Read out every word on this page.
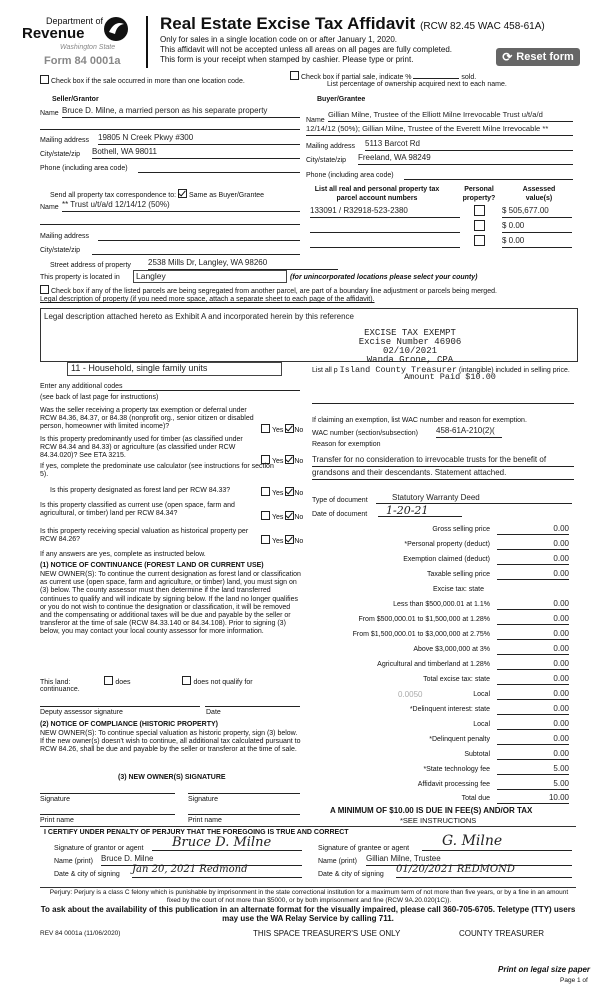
Department of
Revenue
Washington State
Form 84 0001a
Real Estate Excise Tax Affidavit (RCW 82.45 WAC 458-61A)
Only for sales in a single location code on or after January 1, 2020.
This affidavit will not be accepted unless all areas on all pages are fully completed.
This form is your receipt when stamped by cashier. Please type or print.	⟳ Reset form
Check box if the sale occurred in more than one location code.
Check box if partial sale, indicate %	sold.
List percentage of ownership acquired next to each name.
Seller/Grantor	Buyer/Grantee
Name Bruce D. Milne, a married person as his separate property
Mailing address 19805 N Creek Pkwy #300
City/state/zip Bothell, WA 98011
Phone (including area code)
Name
Gillian Milne, Trustee of the Elliott Milne Irrevocable Trust u/t/a/d
12/14/12 (50%); Gillian Milne, Trustee of the Everett Milne Irrevocable **
Mailing address 5113 Barcot Rd
City/state/zip Freeland, WA 98249
Phone (including area code)
Send all property tax correspondence to: Same as Buyer/Grantee
Name ** Trust u/t/a/d 12/14/12 (50%)
Mailing address
City/state/zip
List all real and personal property tax parcel account numbers
Personal property?
Assessed value(s)
133091 / R32918-523-2380	$ 505,677.00
$ 0.00
$ 0.00
Street address of property 2538 Mills Dr, Langley, WA 98260
This property is located in	Langley	(for unincorporated locations please select your county)
Check box if any of the listed parcels are being segregated from another parcel, are part of a boundary line adjustment or parcels being merged.
Legal description of property (if you need more space, attach a separate sheet to each page of the affidavit).
Legal description attached hereto as Exhibit A and incorporated herein by this reference
EXCISE TAX EXEMPT
Excise Number 46906
02/10/2021
Wanda Grone, CPA
11 - Household, single family units
Enter any additional codes
(see back of last page for instructions)
List all p Island County Treasurer (intangible) included in selling price.
Amount Paid $10.00
Was the seller receiving a property tax exemption or deferral under RCW 84.36, 84.37, or 84.38 (nonprofit org., senior citizen or disabled person, homeowner with limited income)?
Yes No
Is this property predominantly used for timber (as classified under RCW 84.34 and 84.33) or agriculture (as classified under RCW 84.34.020)? See ETA 3215.
Yes No
If yes, complete the predominate use calculator (see instructions for section 5).
Is this property designated as forest land per RCW 84.33?	Yes No
Is this property classified as current use (open space, farm and agricultural, or timber) land per RCW 84.34?
Yes No
Is this property receiving special valuation as historical property per RCW 84.26?	Yes No
If any answers are yes, complete as instructed below.
If claiming an exemption, list WAC number and reason for exemption.
WAC number (section/subsection) 458-61A-210(2)(
Reason for exemption
Transfer for no consideration to irrevocable trusts for the benefit of grandsons and their descendants. Statement attached.
Type of document	Statutory Warranty Deed
Date of document	1-20-21
Gross selling price	0.00
*Personal property (deduct)	0.00
Exemption claimed (deduct)	0.00
Taxable selling price	0.00
Excise tax: state
Less than $500,000.01 at 1.1%	0.00
From $500,000.01 to $1,500,000 at 1.28%	0.00
From $1,500,000.01 to $3,000,000 at 2.75%	0.00
Above $3,000,000 at 3%	0.00
Agricultural and timberland at 1.28%	0.00
Total excise tax: state	0.00
0.0050	Local	0.00
*Delinquent interest: state	0.00
Local	0.00
*Delinquent penalty	0.00
Subtotal	0.00
*State technology fee	5.00
Affidavit processing fee	5.00
Total due	10.00
A MINIMUM OF $10.00 IS DUE IN FEE(S) AND/OR TAX
*SEE INSTRUCTIONS
(1) NOTICE OF CONTINUANCE (FOREST LAND OR CURRENT USE)
NEW OWNER(S): To continue the current designation as forest land or classification as current use (open space, farm and agriculture, or timber) land, you must sign on (3) below. The county assessor must then determine if the land transferred continues to qualify and will indicate by signing below. If the land no longer qualifies or you do not wish to continue the designation or classification, it will be removed and the compensating or additional taxes will be due and payable by the seller or transferor at the time of sale (RCW 84.33.140 or 84.34.108). Prior to signing (3) below, you may contact your local county assessor for more information.
This land:	does	does not qualify for
continuance.
Deputy assessor signature	Date
(2) NOTICE OF COMPLIANCE (HISTORIC PROPERTY)
NEW OWNER(S): To continue special valuation as historic property, sign (3) below. If the new owner(s) doesn't wish to continue, all additional tax calculated pursuant to RCW 84.26, shall be due and payable by the seller or transferor at the time of sale.
(3) NEW OWNER(S) SIGNATURE
Signature	Signature
Print name	Print name
I CERTIFY UNDER PENALTY OF PERJURY THAT THE FOREGOING IS TRUE AND CORRECT
Signature of grantor or agent	Bruce D. Milne
Name (print) Bruce D. Milne
Date & city of signing Jan 20, 2021 Redmond
Signature of grantee or agent	G. Milne
Name (print) Gillian Milne, Trustee
Date & city of signing 01/20/2021 REDMOND
Perjury: Perjury is a class C felony which is punishable by imprisonment in the state correctional institution for a maximum term of not more than five years, or by a fine in an amount fixed by the court of not more than $5000, or by both imprisonment and fine (RCW 9A.20.020(1C)).
To ask about the availability of this publication in an alternate format for the visually impaired, please call 360-705-6705. Teletype (TTY) users may use the WA Relay Service by calling 711.
REV 84 0001a (11/06/2020)	THIS SPACE TREASURER'S USE ONLY	COUNTY TREASURER
Print on legal size paper
Page 1 of
